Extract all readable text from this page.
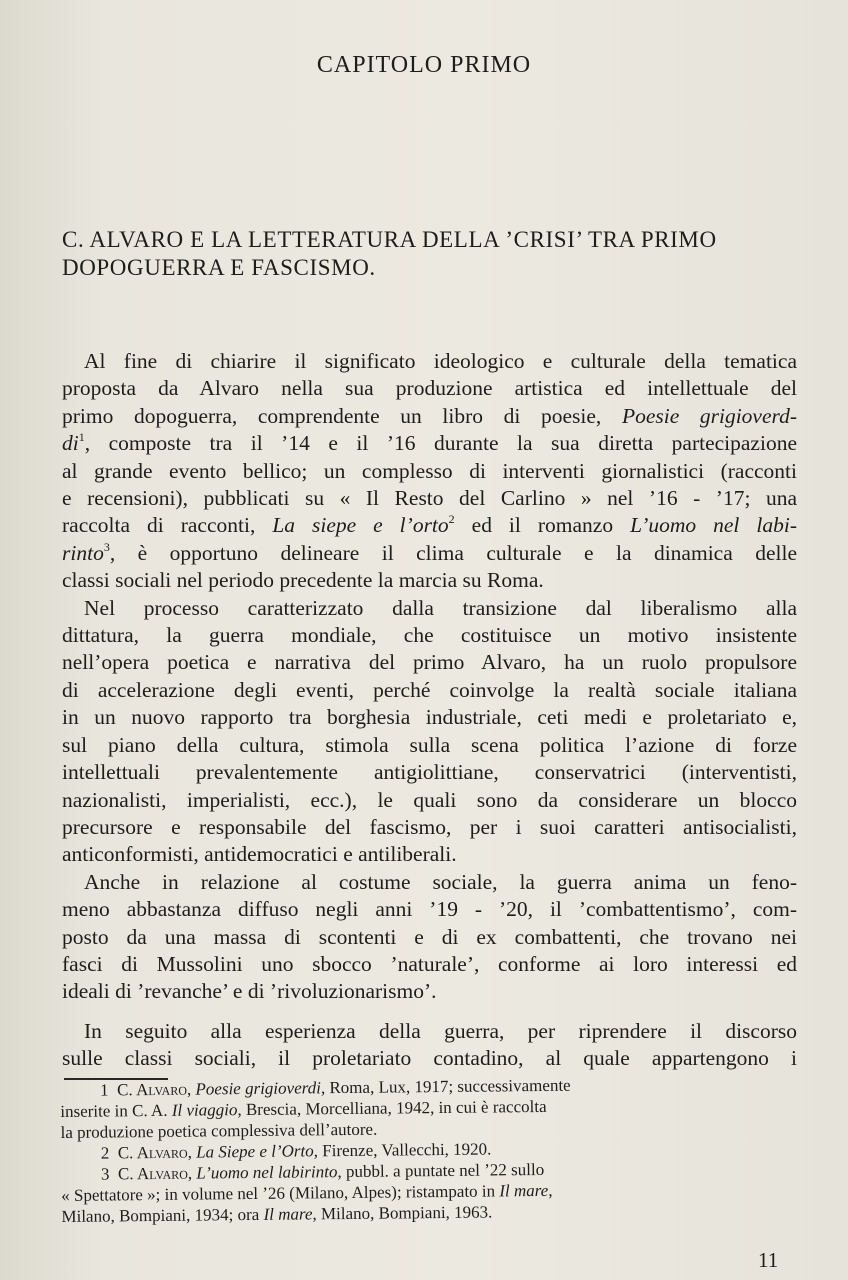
CAPITOLO PRIMO
C. ALVARO E LA LETTERATURA DELLA ’CRISI’ TRA PRIMO
DOPOGUERRA E FASCISMO.
Al fine di chiarire il significato ideologico e culturale della tematica
proposta da Alvaro nella sua produzione artistica ed intellettuale del
primo dopoguerra, comprendente un libro di poesie, Poesie grigioverd-
$di^1$, composte tra il ’14 e il ’16 durante la sua diretta partecipazione
al grande evento bellico; un complesso di interventi giornalistici (racconti
e recensioni), pubblicati su « Il Resto del Carlino » nel ’16 - ’17; una
raccolta di racconti, La siepe e l’orto$^2$ ed il romanzo L’uomo nel labi-
rinto$^3$, è opportuno delineare il clima culturale e la dinamica delle
classi sociali nel periodo precedente la marcia su Roma.
Nel processo caratterizzato dalla transizione dal liberalismo alla
dittatura, la guerra mondiale, che costituisce un motivo insistente
nell’opera poetica e narrativa del primo Alvaro, ha un ruolo propulsore
di accelerazione degli eventi, perché coinvolge la realtà sociale italiana
in un nuovo rapporto tra borghesia industriale, ceti medi e proletariato e,
sul piano della cultura, stimola sulla scena politica l’azione di forze
intellettuali prevalentemente antigiolittiane, conservatrici (interventisti,
nazionalisti, imperialisti, ecc.), le quali sono da considerare un blocco
precursore e responsabile del fascismo, per i suoi caratteri antisocialisti,
anticonformisti, antidemocratici e antiliberali.
Anche in relazione al costume sociale, la guerra anima un feno-
meno abbastanza diffuso negli anni ’19 - ’20, il ’combattentismo’, com-
posto da una massa di scontenti e di ex combattenti, che trovano nei
fasci di Mussolini uno sbocco ’naturale’, conforme ai loro interessi ed
ideali di ’revanche’ e di ’rivoluzionarismo’.
In seguito alla esperienza della guerra, per riprendere il discorso
sulle classi sociali, il proletariato contadino, al quale appartengono i
1 C. Alvaro, Poesie grigioverdi, Roma, Lux, 1917; successivamente
inserite in C. A. Il viaggio, Brescia, Morcelliana, 1942, in cui è raccolta
la produzione poetica complessiva dell’autore.
2 C. Alvaro, La Siepe e l’Orto, Firenze, Vallecchi, 1920.
3 C. Alvaro, L’uomo nel labirinto, pubbl. a puntate nel ’22 sullo
« Spettatore »; in volume nel ’26 (Milano, Alpes); ristampato in Il mare,
Milano, Bompiani, 1934; ora Il mare, Milano, Bompiani, 1963.
11
